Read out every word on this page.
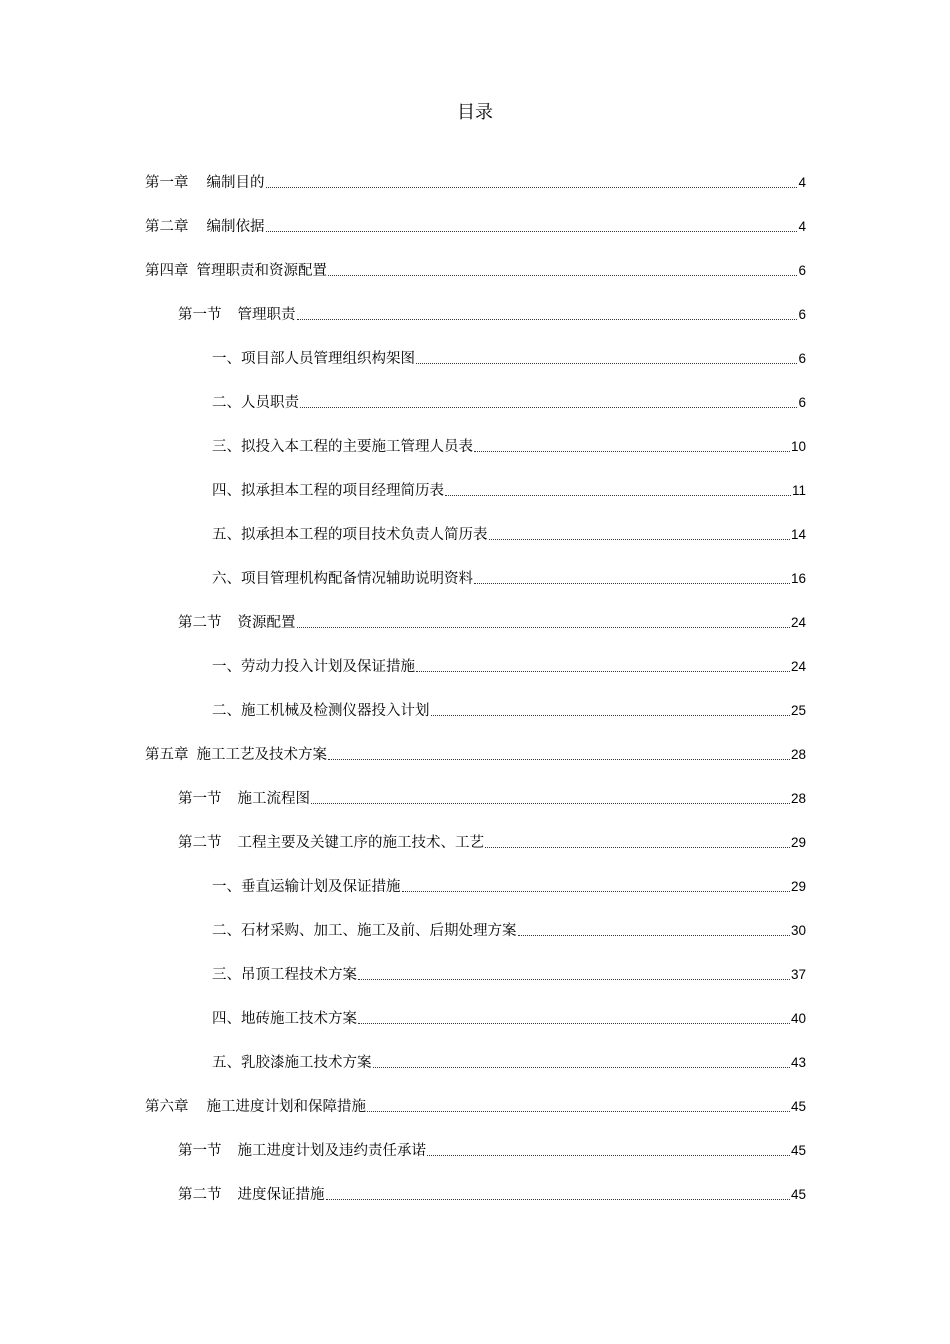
目录
第一章 编制目的	4
第二章 编制依据	4
第四章 管理职责和资源配置	6
第一节 管理职责	6
一、项目部人员管理组织构架图	6
二、人员职责	6
三、拟投入本工程的主要施工管理人员表	10
四、拟承担本工程的项目经理简历表	11
五、拟承担本工程的项目技术负责人简历表	14
六、项目管理机构配备情况辅助说明资料	16
第二节 资源配置	24
一、劳动力投入计划及保证措施	24
二、施工机械及检测仪器投入计划	25
第五章 施工工艺及技术方案	28
第一节 施工流程图	28
第二节 工程主要及关键工序的施工技术、工艺	29
一、垂直运输计划及保证措施	29
二、石材采购、加工、施工及前、后期处理方案	30
三、吊顶工程技术方案	37
四、地砖施工技术方案	40
五、乳胶漆施工技术方案	43
第六章 施工进度计划和保障措施	45
第一节 施工进度计划及违约责任承诺	45
第二节 进度保证措施	45
